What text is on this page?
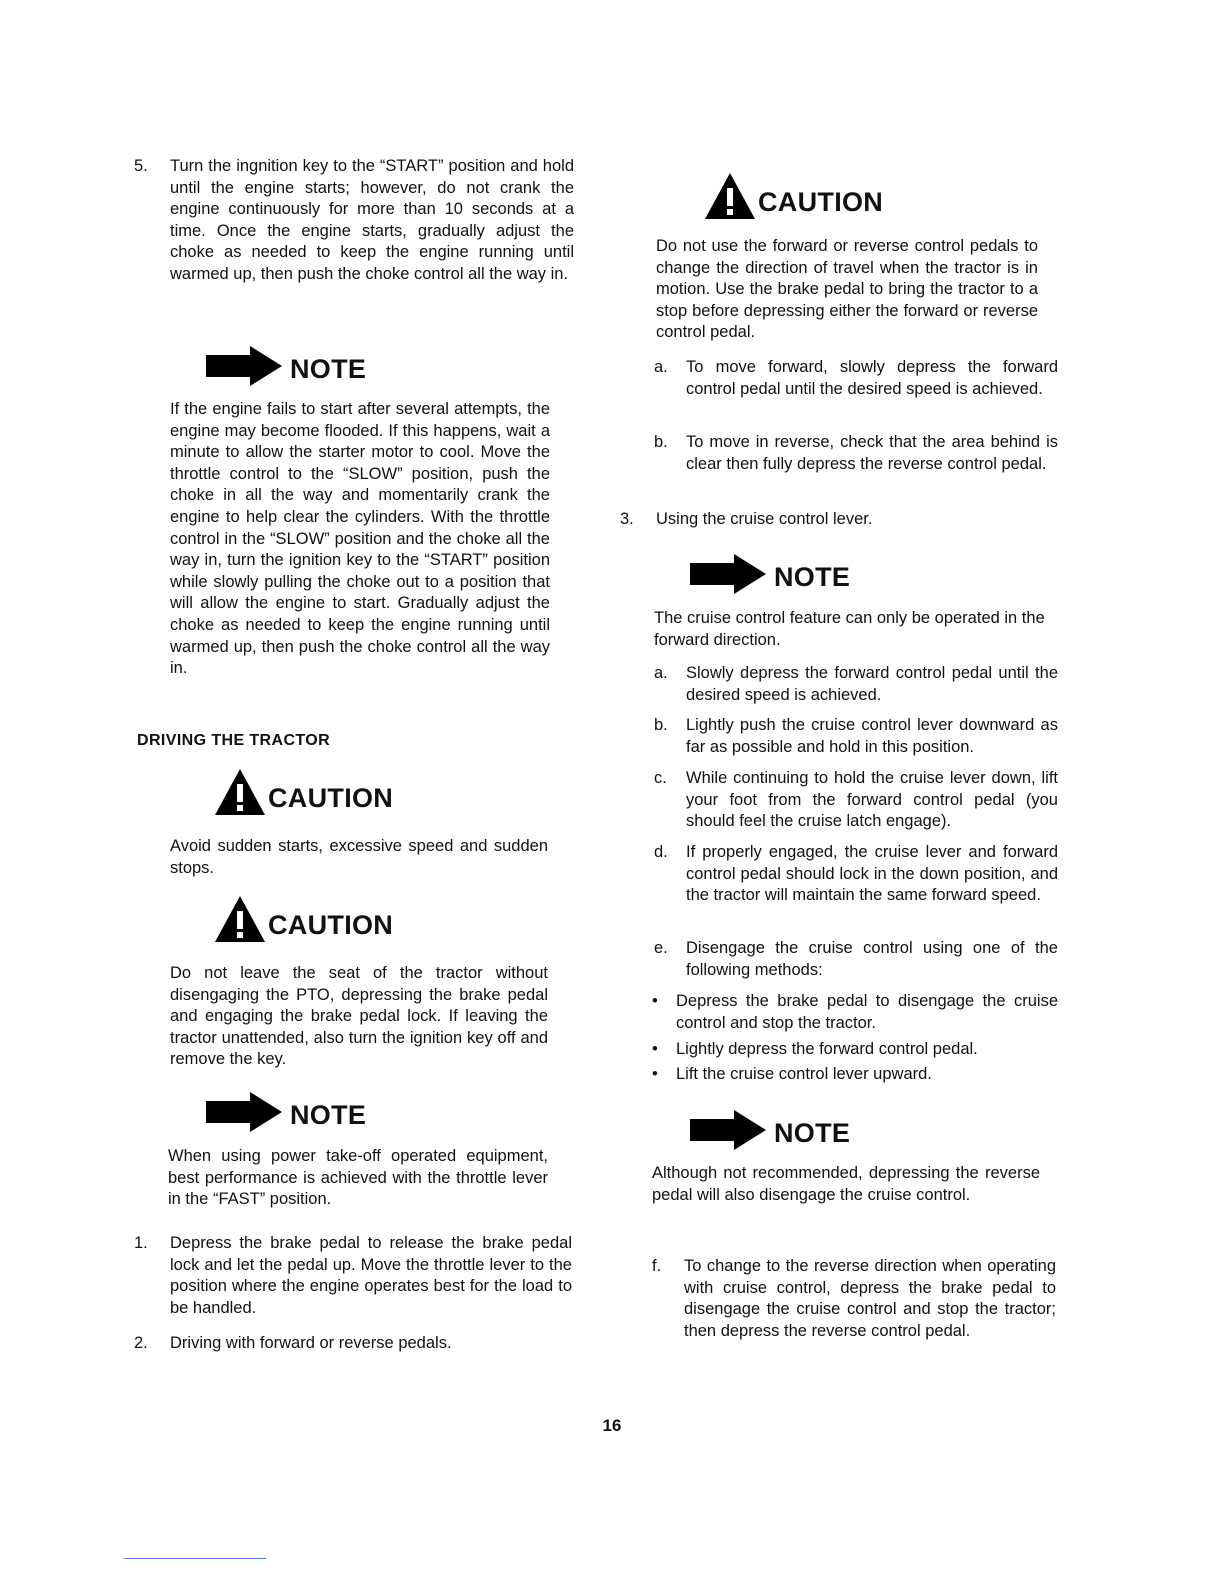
5. Turn the ingnition key to the “START” position and hold until the engine starts; however, do not crank the engine continuously for more than 10 seconds at a time. Once the engine starts, gradually adjust the choke as needed to keep the engine running until warmed up, then push the choke control all the way in.

NOTE

If the engine fails to start after several attempts, the engine may become flooded. If this happens, wait a minute to allow the starter motor to cool. Move the throttle control to the “SLOW” position, push the choke in all the way and momentarily crank the engine to help clear the cylinders. With the throttle control in the “SLOW” position and the choke all the way in, turn the ignition key to the “START” position while slowly pulling the choke out to a position that will allow the engine to start. Gradually adjust the choke as needed to keep the engine running until warmed up, then push the choke control all the way in.

DRIVING THE TRACTOR
CAUTION

Avoid sudden starts, excessive speed and sudden stops.

CAUTION

Do not leave the seat of the tractor without disengaging the PTO, depressing the brake pedal and engaging the brake pedal lock. If leaving the tractor unattended, also turn the ignition key off and remove the key.

NOTE

When using power take-off operated equipment, best performance is achieved with the throttle lever in the “FAST” position.

1. Depress the brake pedal to release the brake pedal lock and let the pedal up. Move the throttle lever to the position where the engine operates best for the load to be handled.

2. Driving with forward or reverse pedals.

CAUTION

Do not use the forward or reverse control pedals to change the direction of travel when the tractor is in motion. Use the brake pedal to bring the tractor to a stop before depressing either the forward or reverse control pedal.

a.	To move forward, slowly depress the forward control pedal until the desired speed is achieved.

b.	To move in reverse, check that the area behind is clear then fully depress the reverse control pedal.

3. Using the cruise control lever.

NOTE

The cruise control feature can only be operated in the forward direction.

a.	Slowly depress the forward control pedal until the desired speed is achieved.

b.	Lightly push the cruise control lever downward as far as possible and hold in this position.

c.	While continuing to hold the cruise lever down, lift your foot from the forward control pedal (you should feel the cruise latch engage).

d.	If properly engaged, the cruise lever and forward control pedal should lock in the down position, and the tractor will maintain the same forward speed.

e.	Disengage the cruise control using one of the following methods:

•	Depress the brake pedal to disengage the cruise control and stop the tractor.

•	Lightly depress the forward control pedal.

•	Lift the cruise control lever upward.

NOTE

Although not recommended, depressing the reverse pedal will also disengage the cruise control.

f.	To change to the reverse direction when operating with cruise control, depress the brake pedal to disengage the cruise control and stop the tractor; then depress the reverse control pedal.

16
